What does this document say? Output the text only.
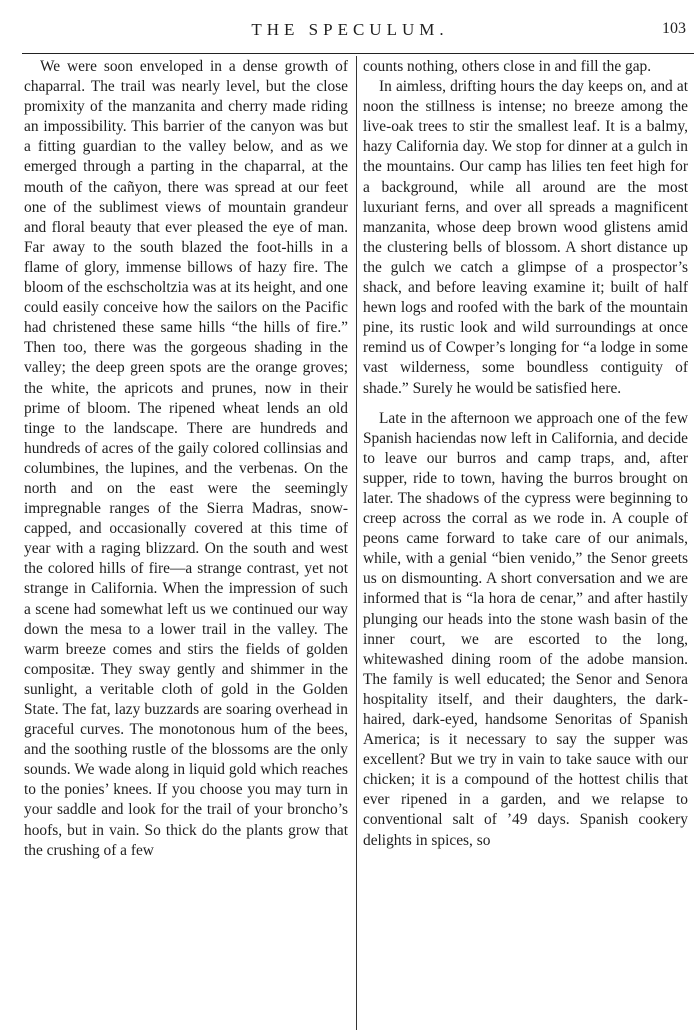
THE SPECULUM.	103

We were soon enveloped in a dense growth of chaparral. The trail was nearly level, but the close promixity of the manzanita and cherry made riding an impossibility. This barrier of the canyon was but a fitting guardian to the valley below, and as we emerged through a parting in the chaparral, at the mouth of the cañyon, there was spread at our feet one of the sublimest views of mountain grandeur and floral beauty that ever pleased the eye of man. Far away to the south blazed the foot-hills in a flame of glory, immense billows of hazy fire. The bloom of the eschscholtzia was at its height, and one could easily conceive how the sailors on the Pacific had christened these same hills “the hills of fire.” Then too, there was the gorgeous shading in the valley; the deep green spots are the orange groves; the white, the apricots and prunes, now in their prime of bloom. The ripened wheat lends an old tinge to the landscape. There are hundreds and hundreds of acres of the gaily colored collinsias and columbines, the lupines, and the verbenas. On the north and on the east were the seemingly impregnable ranges of the Sierra Madras, snow-capped, and occasionally covered at this time of year with a raging blizzard. On the south and west the colored hills of fire—a strange contrast, yet not strange in California. When the impression of such a scene had somewhat left us we continued our way down the mesa to a lower trail in the valley. The warm breeze comes and stirs the fields of golden compositæ. They sway gently and shimmer in the sunlight, a veritable cloth of gold in the Golden State. The fat, lazy buzzards are soaring overhead in graceful curves. The monotonous hum of the bees, and the soothing rustle of the blossoms are the only sounds. We wade along in liquid gold which reaches to the ponies’ knees. If you choose you may turn in your saddle and look for the trail of your broncho’s hoofs, but in vain. So thick do the plants grow that the crushing of a few

counts nothing, others close in and fill the gap.

In aimless, drifting hours the day keeps on, and at noon the stillness is intense; no breeze among the live-oak trees to stir the smallest leaf. It is a balmy, hazy California day. We stop for dinner at a gulch in the mountains. Our camp has lilies ten feet high for a background, while all around are the most luxuriant ferns, and over all spreads a magnificent manzanita, whose deep brown wood glistens amid the clustering bells of blossom. A short distance up the gulch we catch a glimpse of a prospector’s shack, and before leaving examine it; built of half hewn logs and roofed with the bark of the mountain pine, its rustic look and wild surroundings at once remind us of Cowper’s longing for “a lodge in some vast wilderness, some boundless contiguity of shade.” Surely he would be satisfied here.

Late in the afternoon we approach one of the few Spanish haciendas now left in California, and decide to leave our burros and camp traps, and, after supper, ride to town, having the burros brought on later. The shadows of the cypress were beginning to creep across the corral as we rode in. A couple of peons came forward to take care of our animals, while, with a genial “bien venido,” the Senor greets us on dismounting. A short conversation and we are informed that is “la hora de cenar,” and after hastily plunging our heads into the stone wash basin of the inner court, we are escorted to the long, whitewashed dining room of the adobe mansion. The family is well educated; the Senor and Senora hospitality itself, and their daughters, the dark-haired, dark-eyed, handsome Senoritas of Spanish America; is it necessary to say the supper was excellent? But we try in vain to take sauce with our chicken; it is a compound of the hottest chilis that ever ripened in a garden, and we relapse to conventional salt of ’49 days. Spanish cookery delights in spices, so
